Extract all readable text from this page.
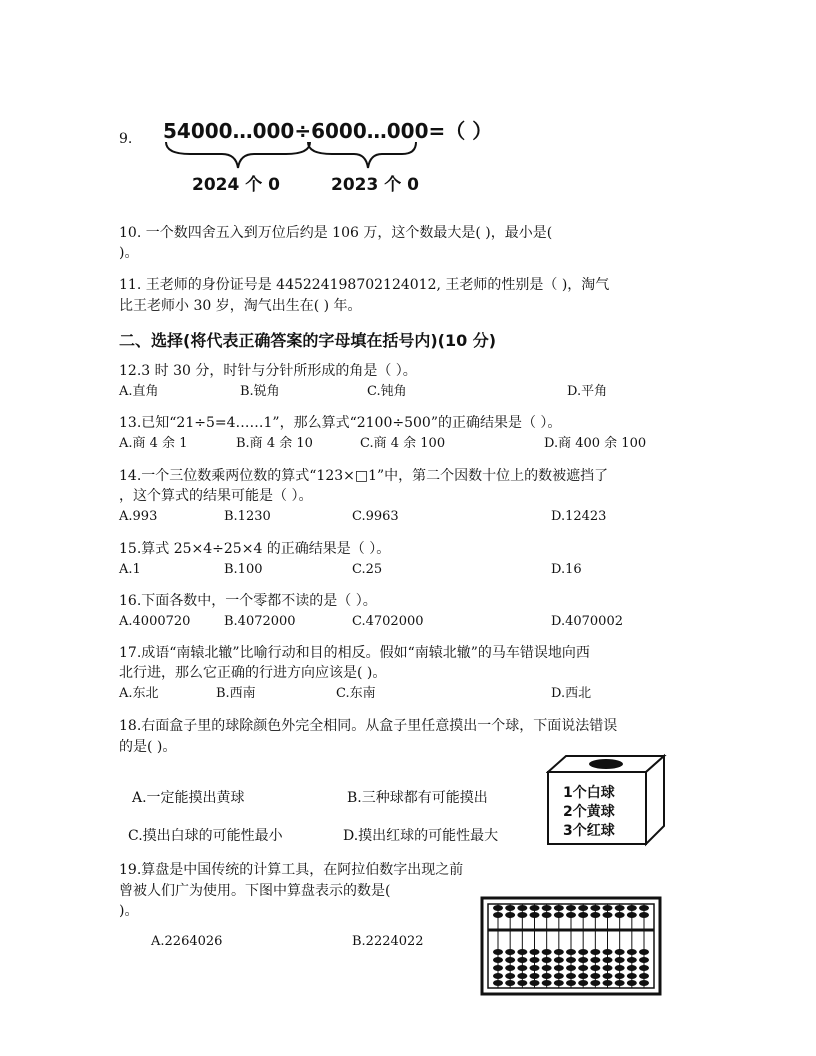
9. 54000…000÷6000…000=（ ）
2024 个 0	2023 个 0
10. 一个数四舍五入到万位后约是 106 万，这个数最大是( )，最小是(
)。
11. 王老师的身份证号是 445224198702124012, 王老师的性别是（ )，淘气
比王老师小 30 岁，淘气出生在( ) 年。
二、选择(将代表正确答案的字母填在括号内)(10 分)
12.3 时 30 分，时针与分针所形成的角是（ ）。
A.直角	B.锐角	C.钝角	D.平角
13.已知“21÷5=4……1”，那么算式“2100÷500”的正确结果是（ ）。
A.商 4 余 1	B.商 4 余 10	C.商 4 余 100	D.商 400 余 100
14.一个三位数乘两位数的算式“123×□1”中，第二个因数十位上的数被遮挡了
，这个算式的结果可能是（ ）。
A.993	B.1230	C.9963	D.12423
15.算式 25×4÷25×4 的正确结果是（ ）。
A.1	B.100	C.25	D.16
16.下面各数中，一个零都不读的是（ ）。
A.4000720	B.4072000	C.4702000	D.4070002
17.成语“南辕北辙”比喻行动和目的相反。假如“南辕北辙”的马车错误地向西
北行进，那么它正确的行进方向应该是( )。
A.东北	B.西南	C.东南	D.西北
18.右面盒子里的球除颜色外完全相同。从盒子里任意摸出一个球，下面说法错误
的是( )。
A.一定能摸出黄球	B.三种球都有可能摸出
C.摸出白球的可能性最小	D.摸出红球的可能性最大
1个白球
2个黄球
3个红球
19.算盘是中国传统的计算工具，在阿拉伯数字出现之前
曾被人们广为使用。下图中算盘表示的数是(
)。
A.2264026	B.2224022
